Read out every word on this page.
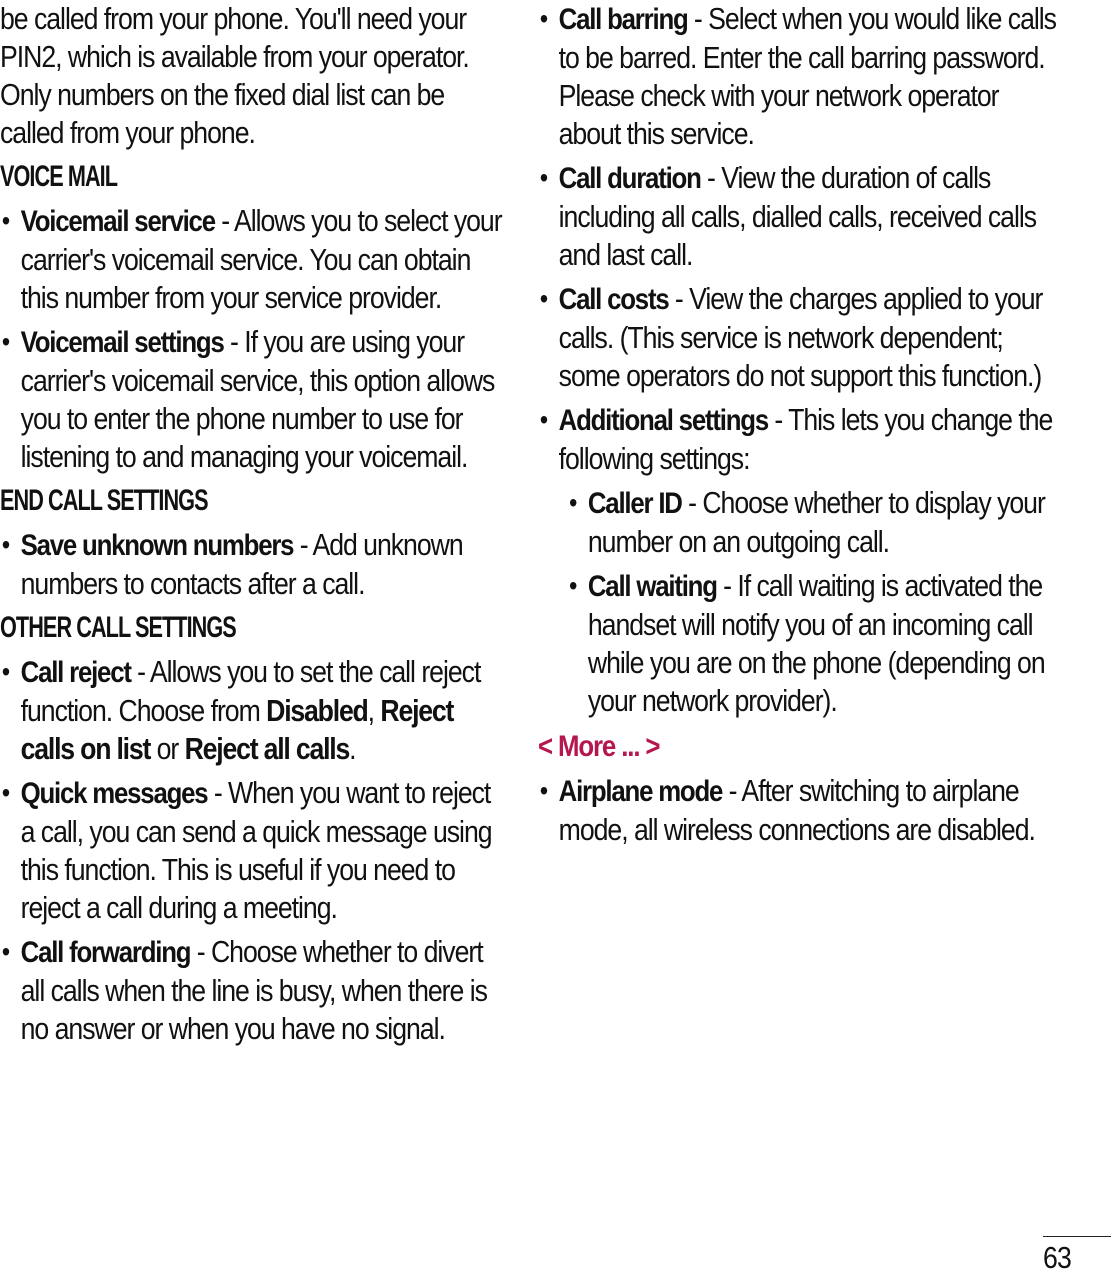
be called from your phone. You'll need your PIN2, which is available from your operator. Only numbers on the fixed dial list can be called from your phone.

VOICE MAIL

• Voicemail service - Allows you to select your carrier's voicemail service. You can obtain this number from your service provider.
• Voicemail settings - If you are using your carrier's voicemail service, this option allows you to enter the phone number to use for listening to and managing your voicemail.

END CALL SETTINGS

• Save unknown numbers - Add unknown numbers to contacts after a call.

OTHER CALL SETTINGS

• Call reject - Allows you to set the call reject function. Choose from Disabled, Reject calls on list or Reject all calls.
• Quick messages - When you want to reject a call, you can send a quick message using this function. This is useful if you need to reject a call during a meeting.
• Call forwarding - Choose whether to divert all calls when the line is busy, when there is no answer or when you have no signal.
• Call barring - Select when you would like calls to be barred. Enter the call barring password. Please check with your network operator about this service.
• Call duration - View the duration of calls including all calls, dialled calls, received calls and last call.
• Call costs - View the charges applied to your calls. (This service is network dependent; some operators do not support this function.)
• Additional settings - This lets you change the following settings:
• Caller ID - Choose whether to display your number on an outgoing call.
• Call waiting - If call waiting is activated the handset will notify you of an incoming call while you are on the phone (depending on your network provider).
< More ... >
• Airplane mode - After switching to airplane mode, all wireless connections are disabled.
63
